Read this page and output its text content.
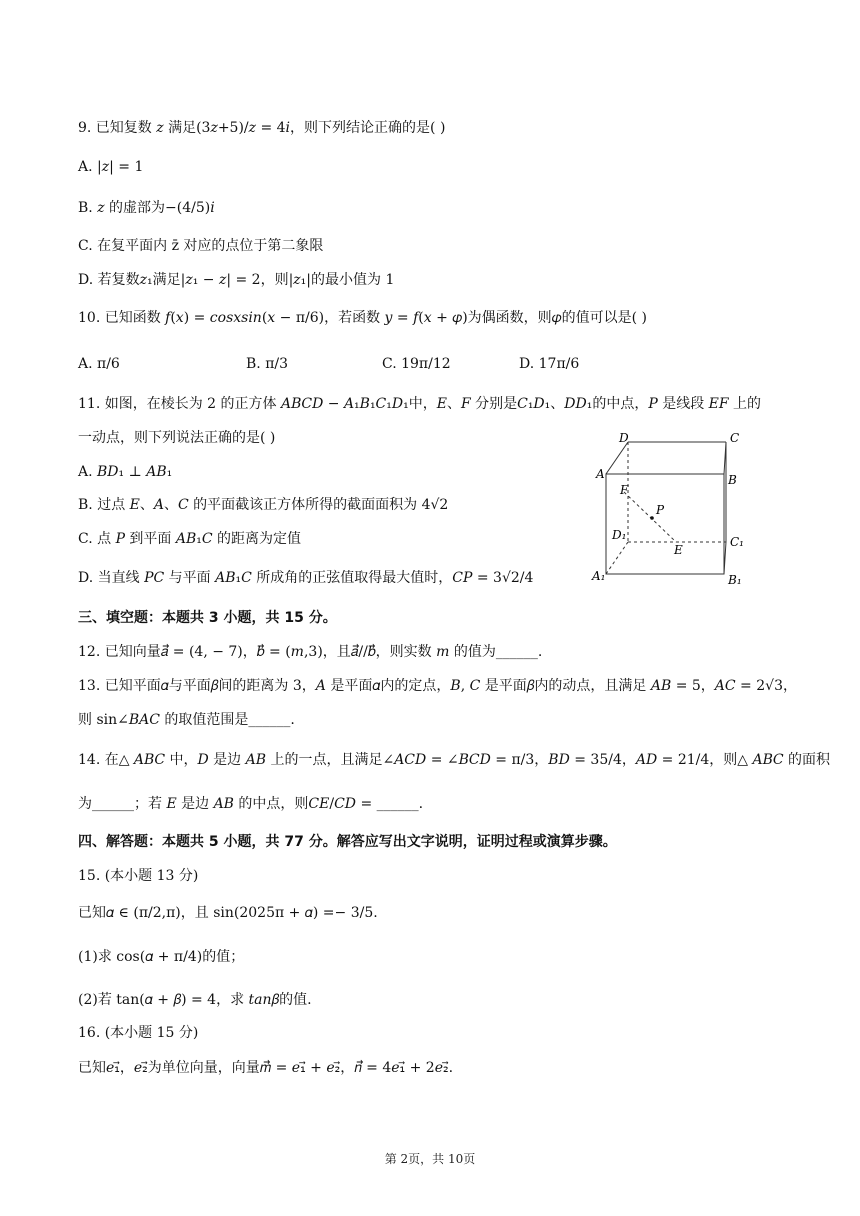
9. 已知复数 𝑧 满足(3𝑧+5)/𝑧 = 4𝑖，则下列结论正确的是( )
A. |𝑧| = 1
B. 𝑧 的虚部为−(4/5)𝑖
C. 在复平面内 z̄ 对应的点位于第二象限
D. 若复数𝑧₁满足|𝑧₁ − 𝑧| = 2，则|𝑧₁|的最小值为 1
10. 已知函数 𝑓(𝑥) = 𝑐𝑜𝑠𝑥𝑠𝑖𝑛(𝑥 − π/6)，若函数 𝑦 = 𝑓(𝑥 + 𝜑)为偶函数，则𝜑的值可以是( )
A. π/6	B. π/3	C. 19π/12	D. 17π/6
11. 如图，在棱长为 2 的正方体 𝐴𝐵𝐶𝐷 − 𝐴₁𝐵₁𝐶₁𝐷₁中，𝐸、𝐹 分别是𝐶₁𝐷₁、𝐷𝐷₁的中点，𝑃 是线段 𝐸𝐹 上的
一动点，则下列说法正确的是( )
A. 𝐵𝐷₁ ⊥ 𝐴𝐵₁
B. 过点 𝐸、𝐴、𝐶 的平面截该正方体所得的截面面积为 4√2
C. 点 𝑃 到平面 𝐴𝐵₁𝐶 的距离为定值
D. 当直线 𝑃𝐶 与平面 𝐴𝐵₁𝐶 所成角的正弦值取得最大值时，𝐶𝑃 = 3√2/4
D	C
A	B
F
P
D₁
E
C₁
A₁	B₁
三、填空题：本题共 3 小题，共 15 分。
12. 已知向量𝑎⃗ = (4, − 7)，𝑏⃗ = (𝑚,3)，且𝑎⃗//𝑏⃗，则实数 𝑚 的值为______.
13. 已知平面𝛼与平面𝛽间的距离为 3，𝐴 是平面𝛼内的定点，𝐵, 𝐶 是平面𝛽内的动点，且满足 𝐴𝐵 = 5，𝐴𝐶 = 2√3，
则 sin∠𝐵𝐴𝐶 的取值范围是______.
14. 在△ 𝐴𝐵𝐶 中，𝐷 是边 𝐴𝐵 上的一点，且满足∠𝐴𝐶𝐷 = ∠𝐵𝐶𝐷 = π/3，𝐵𝐷 = 35/4，𝐴𝐷 = 21/4，则△ 𝐴𝐵𝐶 的面积
为______；若 𝐸 是边 𝐴𝐵 的中点，则𝐶𝐸/𝐶𝐷 = ______.
四、解答题：本题共 5 小题，共 77 分。解答应写出文字说明，证明过程或演算步骤。
15. (本小题 13 分)
已知𝛼 ∈ (π/2,π)，且 sin(2025π + 𝛼) =− 3/5.
(1)求 cos(𝛼 + π/4)的值；
(2)若 tan(𝛼 + 𝛽) = 4，求 𝑡𝑎𝑛𝛽的值.
16. (本小题 15 分)
已知𝑒₁⃗，𝑒₂⃗为单位向量，向量𝑚⃗ = 𝑒₁⃗ + 𝑒₂⃗，𝑛⃗ = 4𝑒₁⃗ + 2𝑒₂⃗.
第 2页，共 10页
